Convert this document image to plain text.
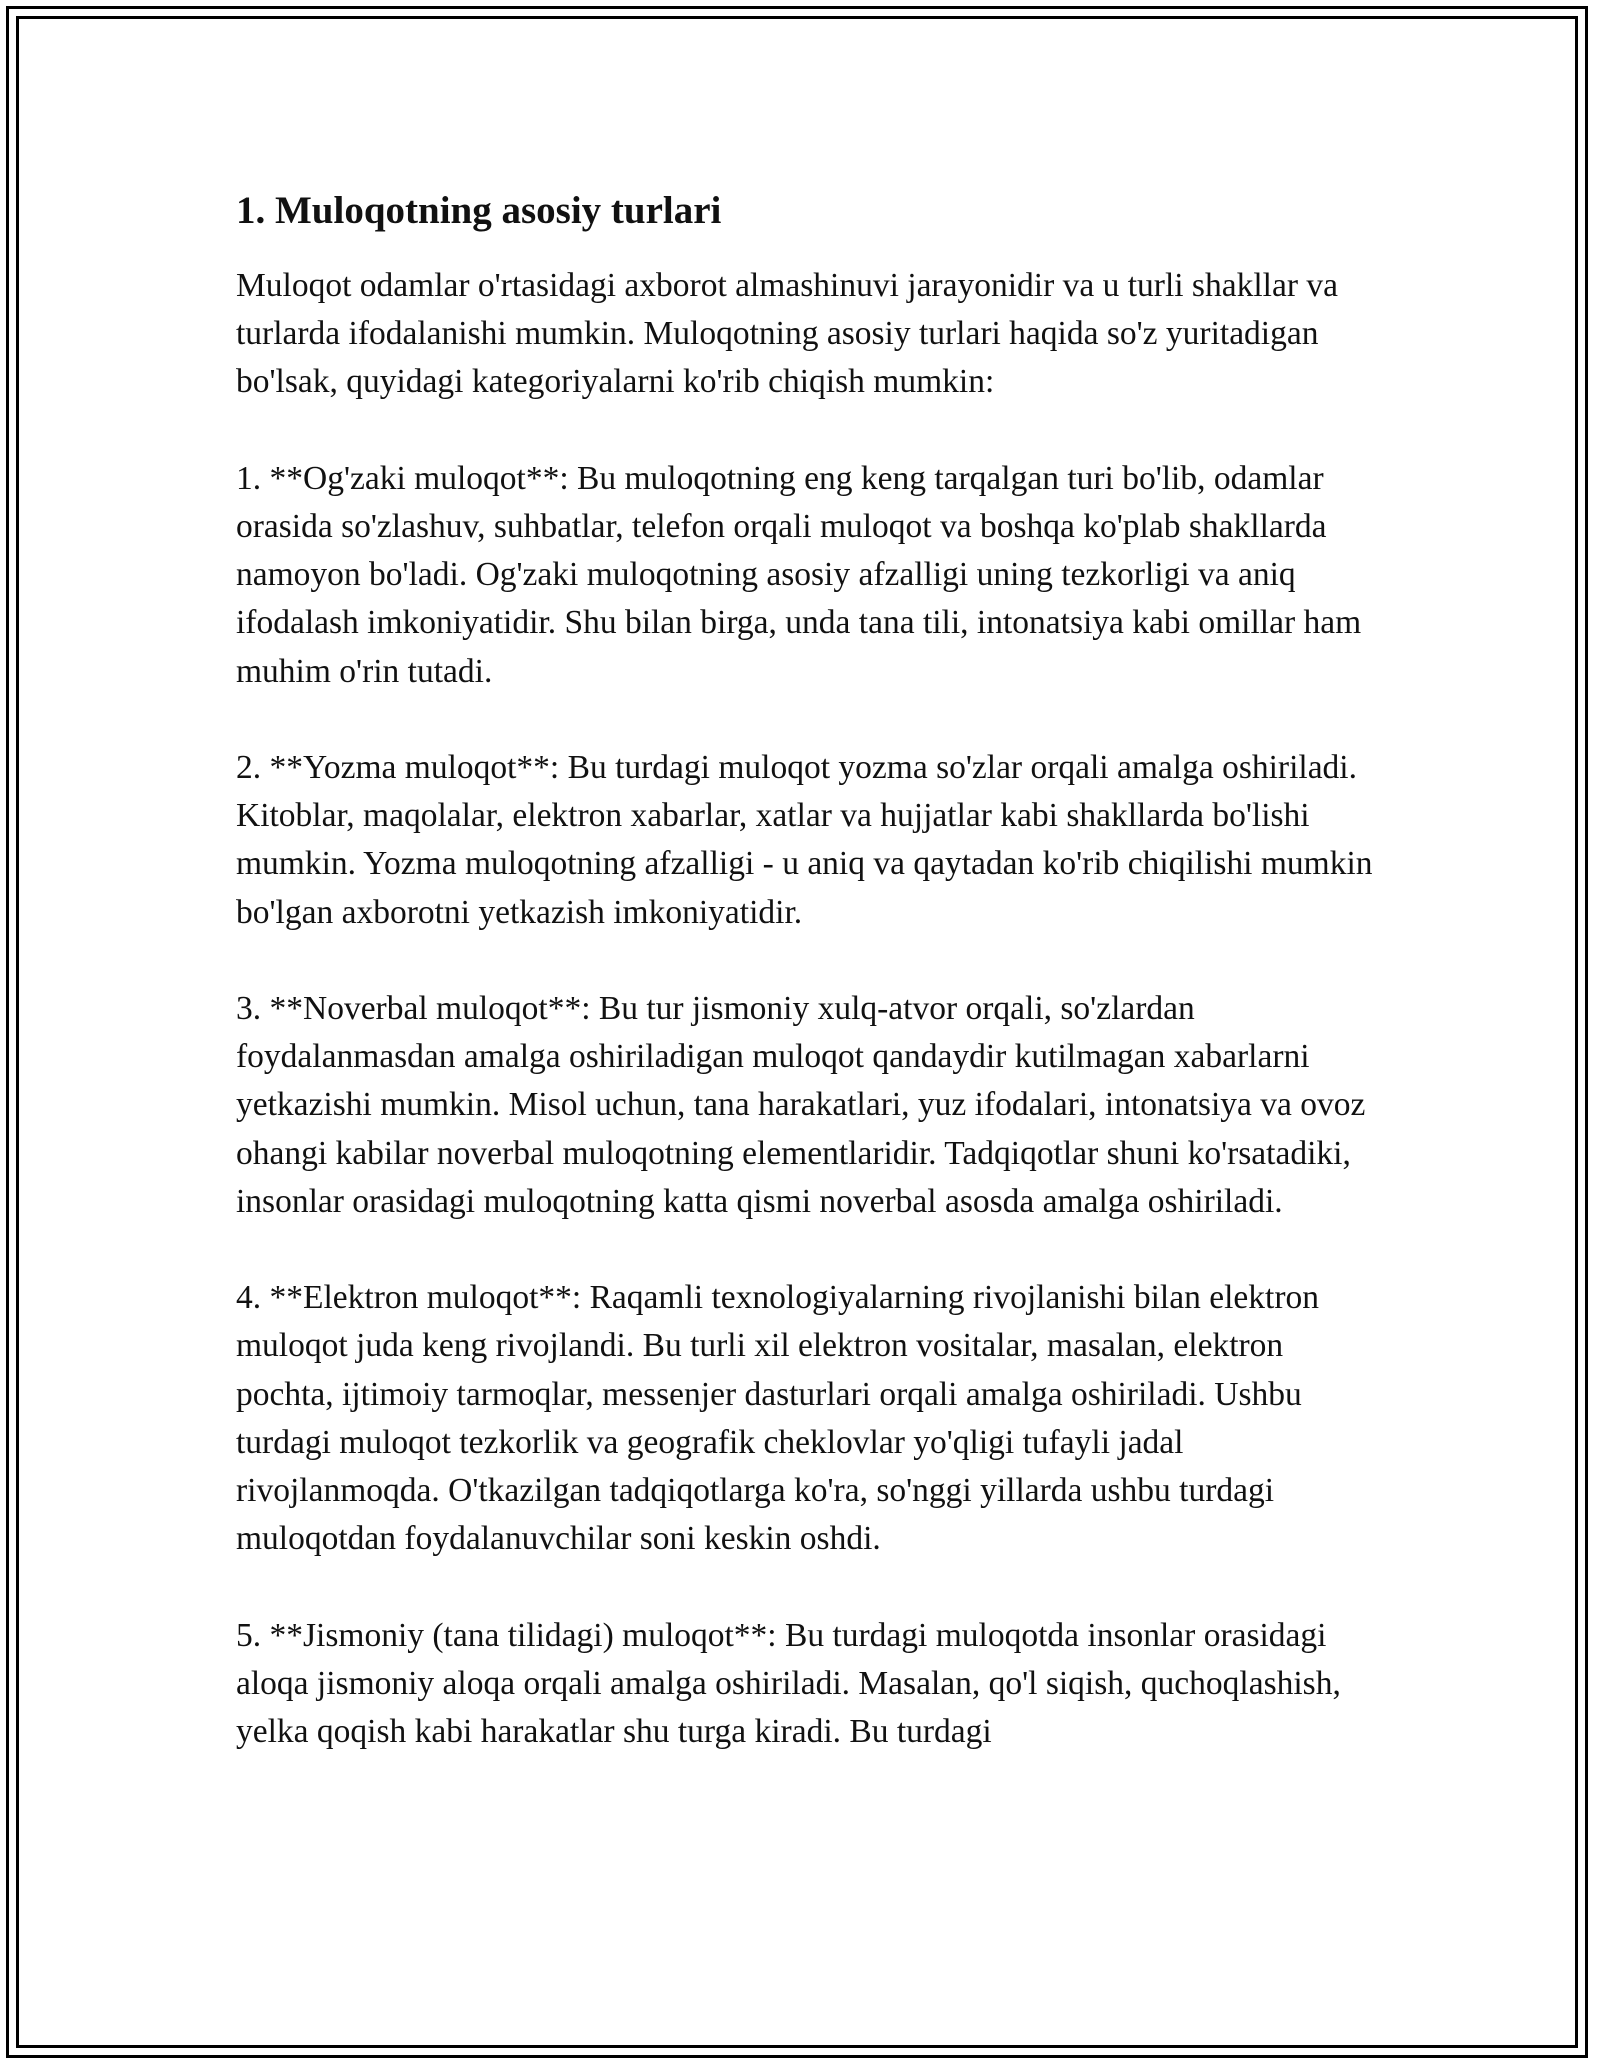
1. Muloqotning asosiy turlari

Muloqot odamlar o'rtasidagi axborot almashinuvi jarayonidir va u turli shakllar va turlarda ifodalanishi mumkin. Muloqotning asosiy turlari haqida so'z yuritadigan bo'lsak, quyidagi kategoriyalarni ko'rib chiqish mumkin:

1. **Og'zaki muloqot**: Bu muloqotning eng keng tarqalgan turi bo'lib, odamlar orasida so'zlashuv, suhbatlar, telefon orqali muloqot va boshqa ko'plab shakllarda namoyon bo'ladi. Og'zaki muloqotning asosiy afzalligi uning tezkorligi va aniq ifodalash imkoniyatidir. Shu bilan birga, unda tana tili, intonatsiya kabi omillar ham muhim o'rin tutadi.

2. **Yozma muloqot**: Bu turdagi muloqot yozma so'zlar orqali amalga oshiriladi. Kitoblar, maqolalar, elektron xabarlar, xatlar va hujjatlar kabi shakllarda bo'lishi mumkin. Yozma muloqotning afzalligi - u aniq va qaytadan ko'rib chiqilishi mumkin bo'lgan axborotni yetkazish imkoniyatidir.

3. **Noverbal muloqot**: Bu tur jismoniy xulq-atvor orqali, so'zlardan foydalanmasdan amalga oshiriladigan muloqot qandaydir kutilmagan xabarlarni yetkazishi mumkin. Misol uchun, tana harakatlari, yuz ifodalari, intonatsiya va ovoz ohangi kabilar noverbal muloqotning elementlaridir. Tadqiqotlar shuni ko'rsatadiki, insonlar orasidagi muloqotning katta qismi noverbal asosda amalga oshiriladi.

4. **Elektron muloqot**: Raqamli texnologiyalarning rivojlanishi bilan elektron muloqot juda keng rivojlandi. Bu turli xil elektron vositalar, masalan, elektron pochta, ijtimoiy tarmoqlar, messenjer dasturlari orqali amalga oshiriladi. Ushbu turdagi muloqot tezkorlik va geografik cheklovlar yo'qligi tufayli jadal rivojlanmoqda. O'tkazilgan tadqiqotlarga ko'ra, so'nggi yillarda ushbu turdagi muloqotdan foydalanuvchilar soni keskin oshdi.

5. **Jismoniy (tana tilidagi) muloqot**: Bu turdagi muloqotda insonlar orasidagi aloqa jismoniy aloqa orqali amalga oshiriladi. Masalan, qo'l siqish, quchoqlashish, yelka qoqish kabi harakatlar shu turga kiradi. Bu turdagi
